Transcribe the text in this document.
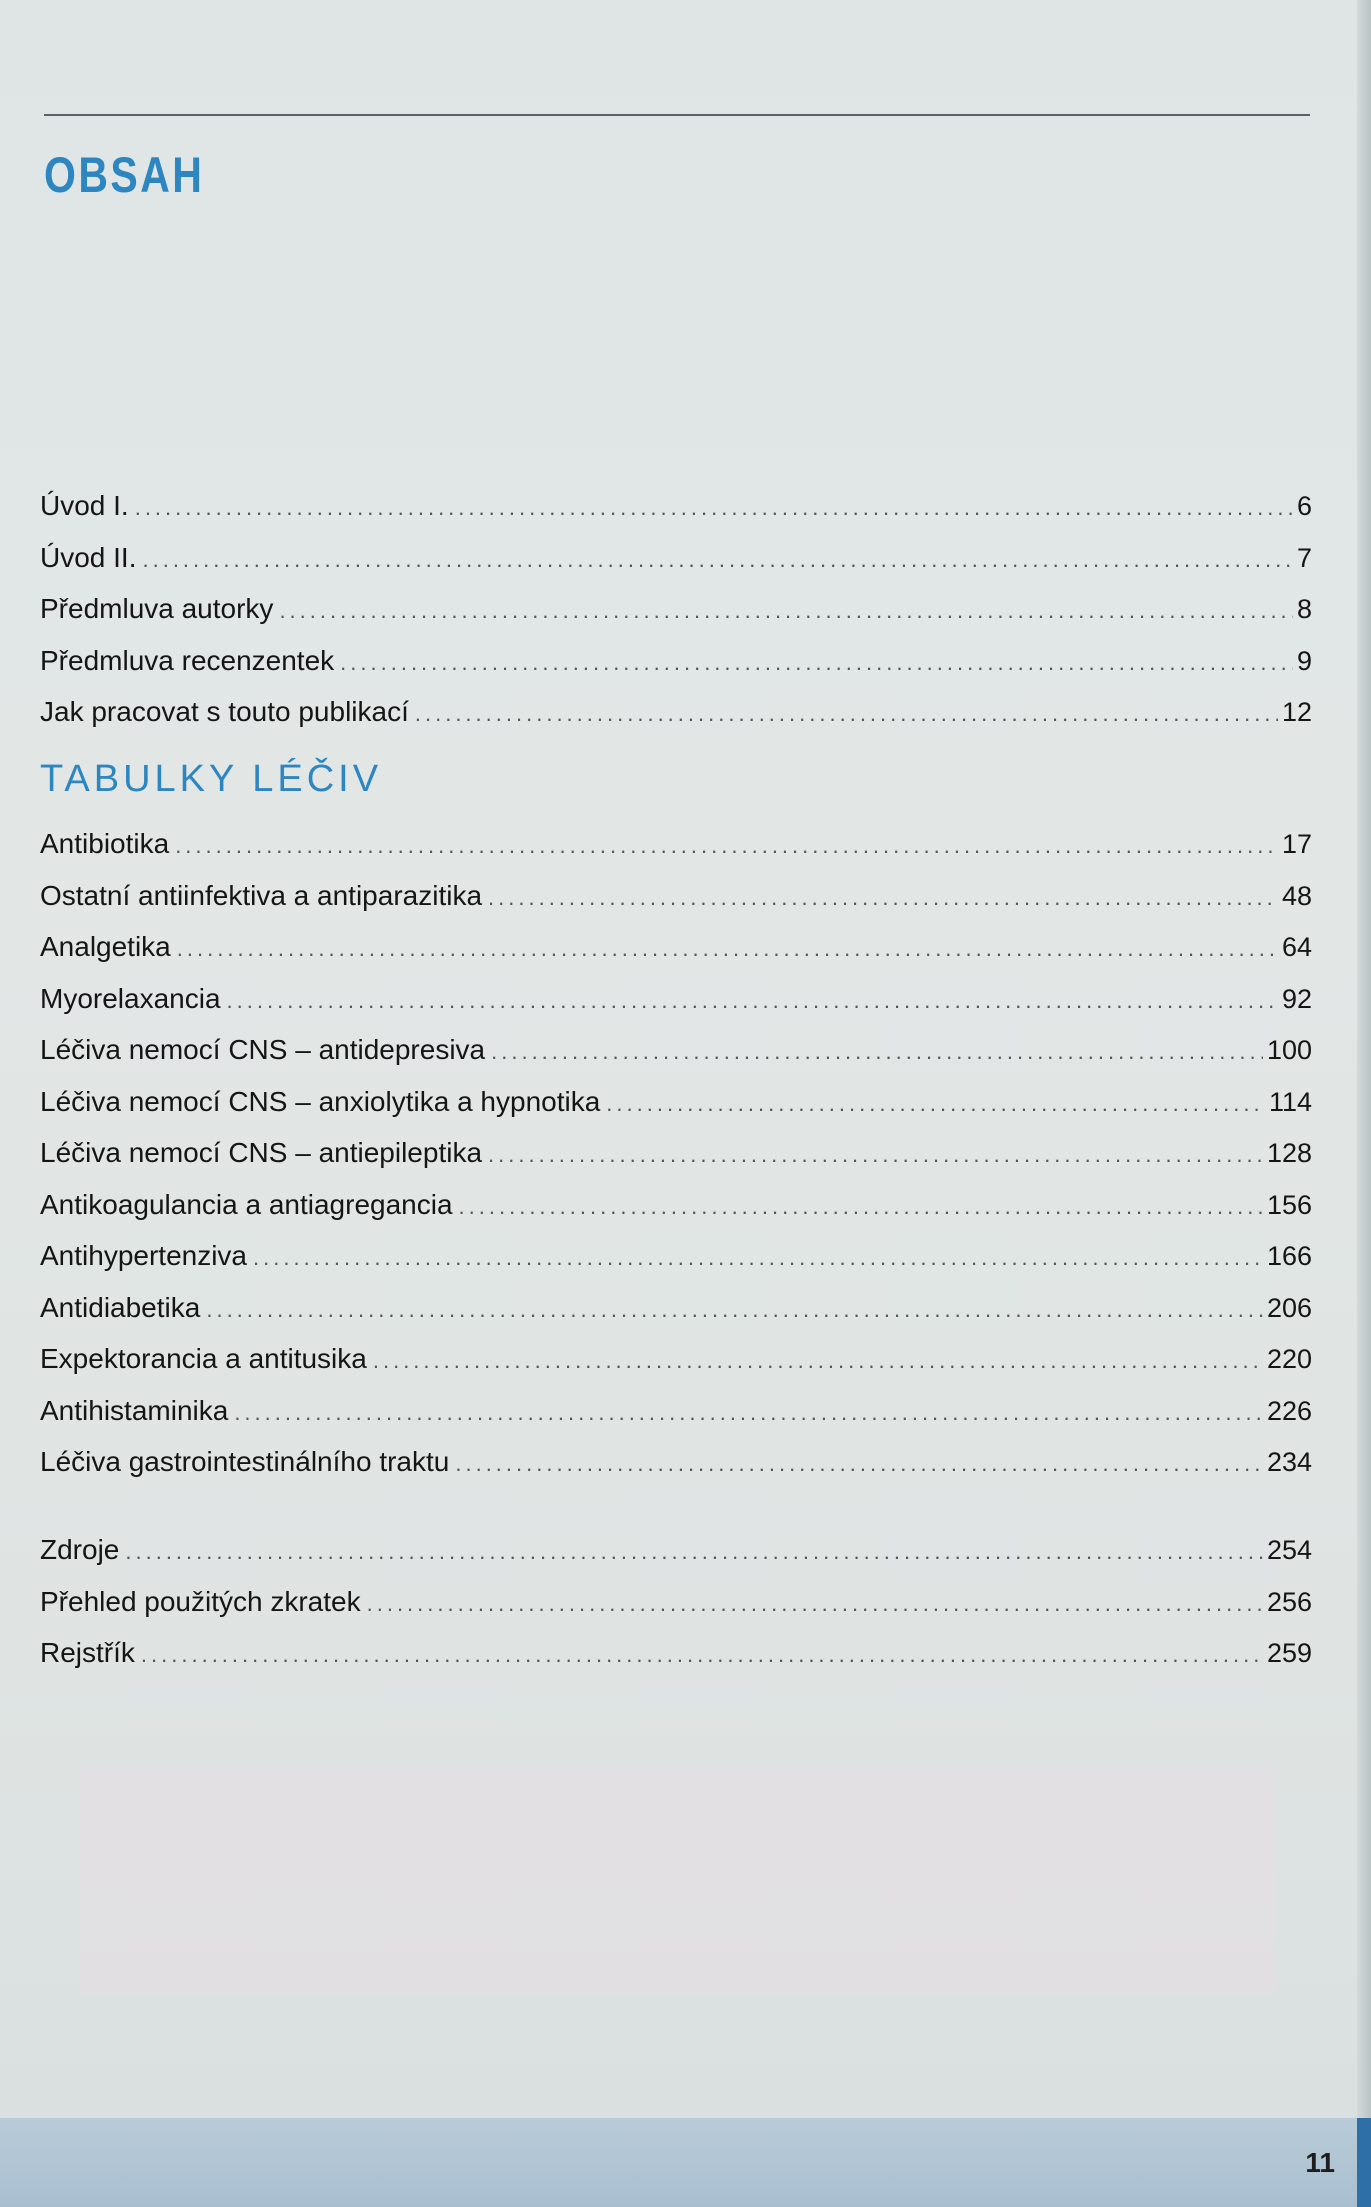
OBSAH
Úvod I. .....	6
Úvod II. .....	7
Předmluva autorky .....	8
Předmluva recenzentek .....	9
Jak pracovat s touto publikací .....	12
TABULKY LÉČIV
Antibiotika .....	17
Ostatní antiinfektiva a antiparazitika .....	48
Analgetika .....	64
Myorelaxancia .....	92
Léčiva nemocí CNS – antidepresiva .....	100
Léčiva nemocí CNS – anxiolytika a hypnotika .....	114
Léčiva nemocí CNS – antiepileptika .....	128
Antikoagulancia a antiagregancia .....	156
Antihypertenziva .....	166
Antidiabetika .....	206
Expektorancia a antitusika .....	220
Antihistaminika .....	226
Léčiva gastrointestinálního traktu .....	234
Zdroje .....	254
Přehled použitých zkratek .....	256
Rejstřík .....	259
11
